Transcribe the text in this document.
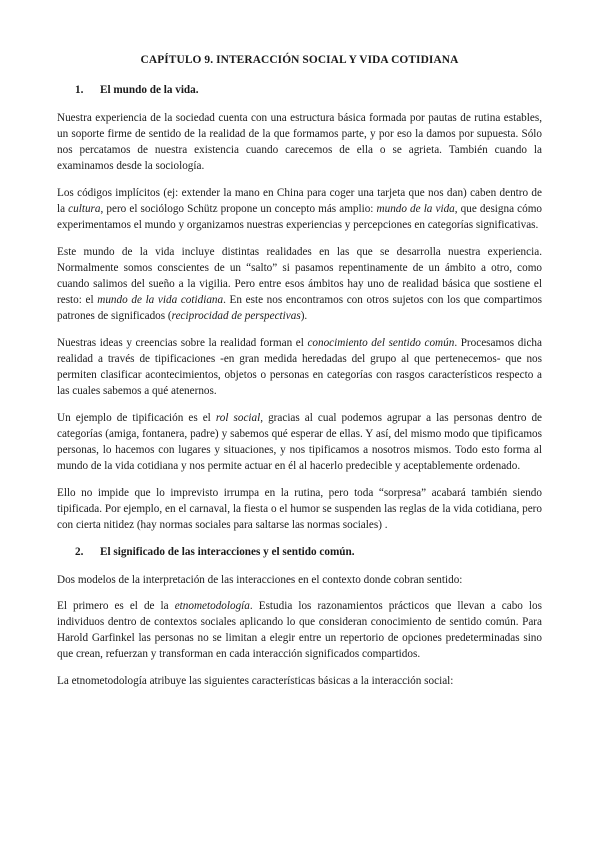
CAPÍTULO 9. INTERACCIÓN SOCIAL Y VIDA COTIDIANA
1.	El mundo de la vida.

Nuestra experiencia de la sociedad cuenta con una estructura básica formada por pautas de rutina estables, un soporte firme de sentido de la realidad de la que formamos parte, y por eso la damos por supuesta. Sólo nos percatamos de nuestra existencia cuando carecemos de ella o se agrieta. También cuando la examinamos desde la sociología.

Los códigos implícitos (ej: extender la mano en China para coger una tarjeta que nos dan) caben dentro de la cultura, pero el sociólogo Schütz propone un concepto más amplio: mundo de la vida, que designa cómo experimentamos el mundo y organizamos nuestras experiencias y percepciones en categorías significativas.

Este mundo de la vida incluye distintas realidades en las que se desarrolla nuestra experiencia. Normalmente somos conscientes de un “salto” si pasamos repentinamente de un ámbito a otro, como cuando salimos del sueño a la vigilia. Pero entre esos ámbitos hay uno de realidad básica que sostiene el resto: el mundo de la vida cotidiana. En este nos encontramos con otros sujetos con los que compartimos patrones de significados (reciprocidad de perspectivas).

Nuestras ideas y creencias sobre la realidad forman el conocimiento del sentido común. Procesamos dicha realidad a través de tipificaciones -en gran medida heredadas del grupo al que pertenecemos- que nos permiten clasificar acontecimientos, objetos o personas en categorías con rasgos característicos respecto a las cuales sabemos a qué atenernos.

Un ejemplo de tipificación es el rol social, gracias al cual podemos agrupar a las personas dentro de categorías (amiga, fontanera, padre) y sabemos qué esperar de ellas. Y así, del mismo modo que tipificamos personas, lo hacemos con lugares y situaciones, y nos tipificamos a nosotros mismos. Todo esto forma al mundo de la vida cotidiana y nos permite actuar en él al hacerlo predecible y aceptablemente ordenado.

Ello no impide que lo imprevisto irrumpa en la rutina, pero toda “sorpresa” acabará también siendo tipificada. Por ejemplo, en el carnaval, la fiesta o el humor se suspenden las reglas de la vida cotidiana, pero con cierta nitidez (hay normas sociales para saltarse las normas sociales) .

2.	El significado de las interacciones y el sentido común.

Dos modelos de la interpretación de las interacciones en el contexto donde cobran sentido:

El primero es el de la etnometodología. Estudia los razonamientos prácticos que llevan a cabo los individuos dentro de contextos sociales aplicando lo que consideran conocimiento de sentido común. Para Harold Garfinkel las personas no se limitan a elegir entre un repertorio de opciones predeterminadas sino que crean, refuerzan y transforman en cada interacción significados compartidos.

La etnometodología atribuye las siguientes características básicas a la interacción social:
